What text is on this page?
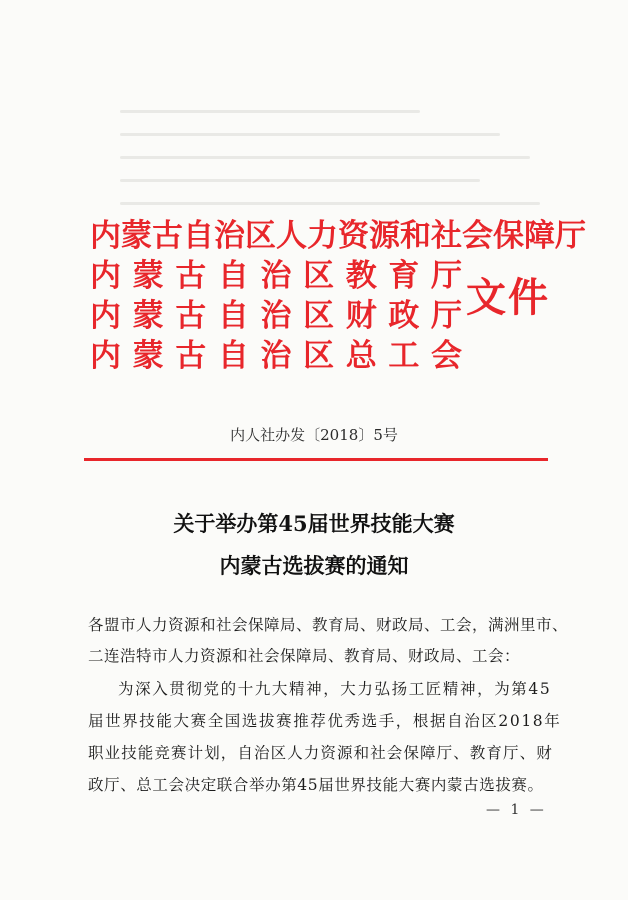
内 蒙 古 自 治 区 人 力 资 源 和 社 会 保 障 厅
内 蒙 古 自 治 区 教 育 厅
内 蒙 古 自 治 区 财 政 厅
内 蒙 古 自 治 区 总 工 会
文件
内人社办发〔2018〕5号
关于举办第45届世界技能大赛
内蒙古选拔赛的通知
各盟市人力资源和社会保障局、教育局、财政局、工会，满洲里市、
二连浩特市人力资源和社会保障局、教育局、财政局、工会：
为深入贯彻党的十九大精神，大力弘扬工匠精神，为第45
届世界技能大赛全国选拔赛推荐优秀选手，根据自治区2018年
职业技能竞赛计划，自治区人力资源和社会保障厅、教育厅、财
政厅、总工会决定联合举办第45届世界技能大赛内蒙古选拔赛。
— 1 —
